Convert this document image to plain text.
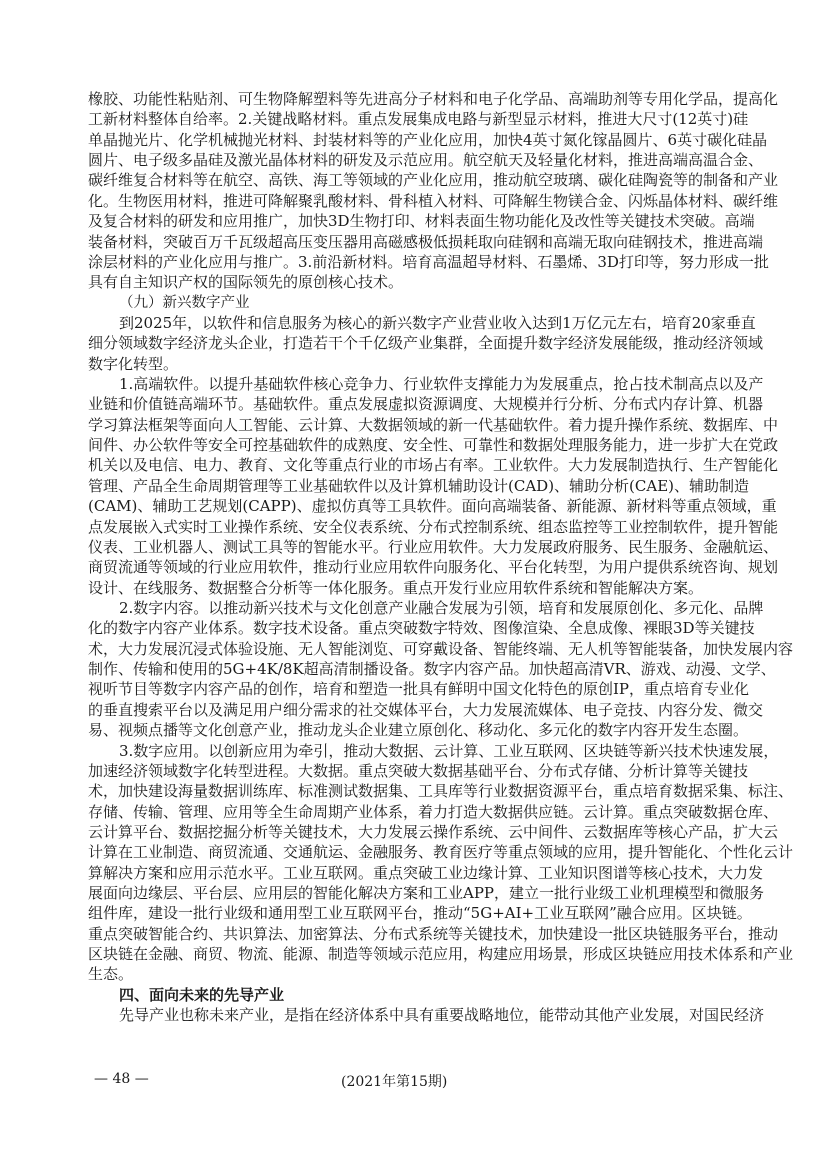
橡胶、功能性粘贴剂、可生物降解塑料等先进高分子材料和电子化学品、高端助剂等专用化学品，提高化
工新材料整体自给率。2.关键战略材料。重点发展集成电路与新型显示材料，推进大尺寸(12英寸)硅
单晶抛光片、化学机械抛光材料、封装材料等的产业化应用，加快4英寸氮化镓晶圆片、6英寸碳化硅晶
圆片、电子级多晶硅及激光晶体材料的研发及示范应用。航空航天及轻量化材料，推进高端高温合金、
碳纤维复合材料等在航空、高铁、海工等领域的产业化应用，推动航空玻璃、碳化硅陶瓷等的制备和产业
化。生物医用材料，推进可降解聚乳酸材料、骨科植入材料、可降解生物镁合金、闪烁晶体材料、碳纤维
及复合材料的研发和应用推广，加快3D生物打印、材料表面生物功能化及改性等关键技术突破。高端
装备材料，突破百万千瓦级超高压变压器用高磁感极低损耗取向硅钢和高端无取向硅钢技术，推进高端
涂层材料的产业化应用与推广。3.前沿新材料。培育高温超导材料、石墨烯、3D打印等，努力形成一批
具有自主知识产权的国际领先的原创核心技术。
（九）新兴数字产业
到2025年，以软件和信息服务为核心的新兴数字产业营业收入达到1万亿元左右，培育20家垂直
细分领域数字经济龙头企业，打造若干个千亿级产业集群，全面提升数字经济发展能级，推动经济领域
数字化转型。
1.高端软件。以提升基础软件核心竞争力、行业软件支撑能力为发展重点，抢占技术制高点以及产
业链和价值链高端环节。基础软件。重点发展虚拟资源调度、大规模并行分析、分布式内存计算、机器
学习算法框架等面向人工智能、云计算、大数据领域的新一代基础软件。着力提升操作系统、数据库、中
间件、办公软件等安全可控基础软件的成熟度、安全性、可靠性和数据处理服务能力，进一步扩大在党政
机关以及电信、电力、教育、文化等重点行业的市场占有率。工业软件。大力发展制造执行、生产智能化
管理、产品全生命周期管理等工业基础软件以及计算机辅助设计(CAD)、辅助分析(CAE)、辅助制造
(CAM)、辅助工艺规划(CAPP)、虚拟仿真等工具软件。面向高端装备、新能源、新材料等重点领域，重
点发展嵌入式实时工业操作系统、安全仪表系统、分布式控制系统、组态监控等工业控制软件，提升智能
仪表、工业机器人、测试工具等的智能水平。行业应用软件。大力发展政府服务、民生服务、金融航运、
商贸流通等领域的行业应用软件，推动行业应用软件向服务化、平台化转型，为用户提供系统咨询、规划
设计、在线服务、数据整合分析等一体化服务。重点开发行业应用软件系统和智能解决方案。
2.数字内容。以推动新兴技术与文化创意产业融合发展为引领，培育和发展原创化、多元化、品牌
化的数字内容产业体系。数字技术设备。重点突破数字特效、图像渲染、全息成像、裸眼3D等关键技
术，大力发展沉浸式体验设施、无人智能浏览、可穿戴设备、智能终端、无人机等智能装备，加快发展内容
制作、传输和使用的5G+4K/8K超高清制播设备。数字内容产品。加快超高清VR、游戏、动漫、文学、
视听节目等数字内容产品的创作，培育和塑造一批具有鲜明中国文化特色的原创IP，重点培育专业化
的垂直搜索平台以及满足用户细分需求的社交媒体平台，大力发展流媒体、电子竞技、内容分发、微交
易、视频点播等文化创意产业，推动龙头企业建立原创化、移动化、多元化的数字内容开发生态圈。
3.数字应用。以创新应用为牵引，推动大数据、云计算、工业互联网、区块链等新兴技术快速发展，
加速经济领域数字化转型进程。大数据。重点突破大数据基础平台、分布式存储、分析计算等关键技
术，加快建设海量数据训练库、标准测试数据集、工具库等行业数据资源平台，重点培育数据采集、标注、
存储、传输、管理、应用等全生命周期产业体系，着力打造大数据供应链。云计算。重点突破数据仓库、
云计算平台、数据挖掘分析等关键技术，大力发展云操作系统、云中间件、云数据库等核心产品，扩大云
计算在工业制造、商贸流通、交通航运、金融服务、教育医疗等重点领域的应用，提升智能化、个性化云计
算解决方案和应用示范水平。工业互联网。重点突破工业边缘计算、工业知识图谱等核心技术，大力发
展面向边缘层、平台层、应用层的智能化解决方案和工业APP，建立一批行业级工业机理模型和微服务
组件库，建设一批行业级和通用型工业互联网平台，推动“5G+AI+工业互联网”融合应用。区块链。
重点突破智能合约、共识算法、加密算法、分布式系统等关键技术，加快建设一批区块链服务平台，推动
区块链在金融、商贸、物流、能源、制造等领域示范应用，构建应用场景，形成区块链应用技术体系和产业
生态。
四、面向未来的先导产业
先导产业也称未来产业，是指在经济体系中具有重要战略地位，能带动其他产业发展，对国民经济
— 48 —	(2021年第15期)
